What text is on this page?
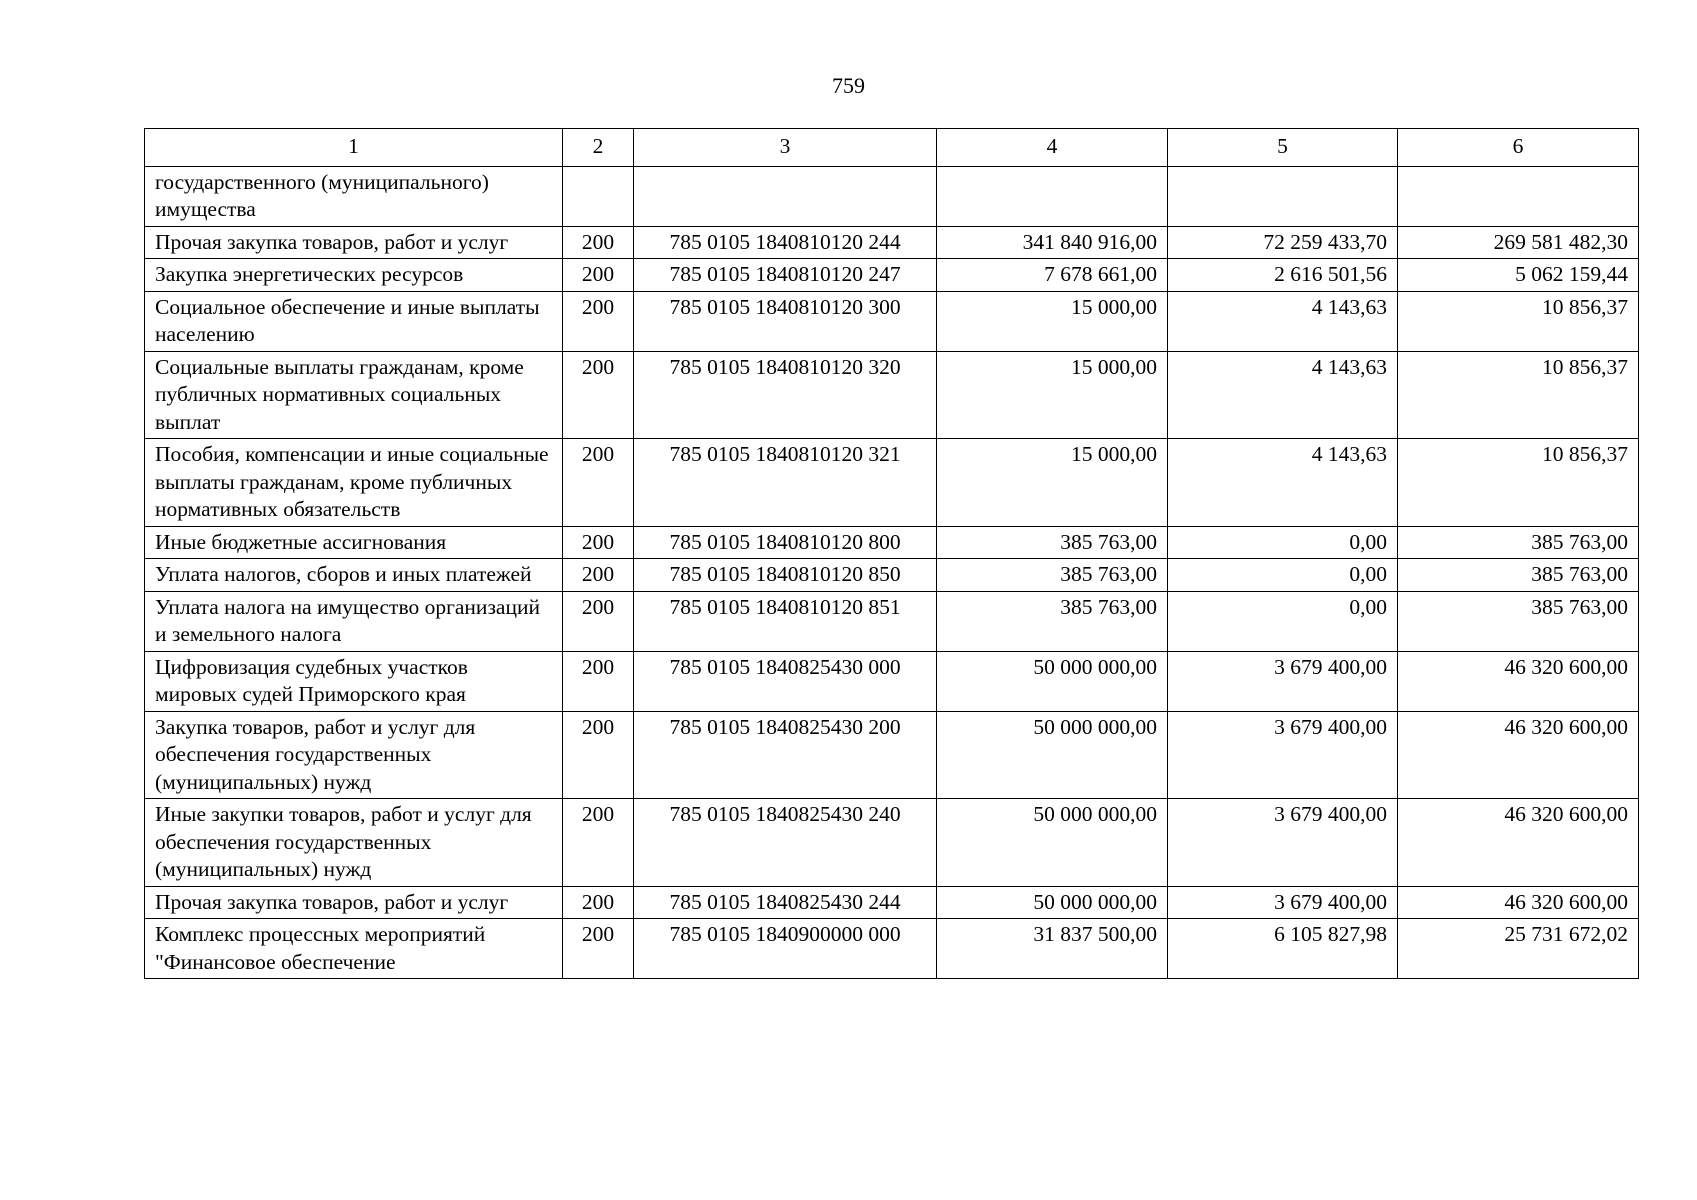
759
1	2	3	4	5	6
государственного (муниципального) имущества					
Прочая закупка товаров, работ и услуг	200	785 0105 1840810120 244	341 840 916,00	72 259 433,70	269 581 482,30
Закупка энергетических ресурсов	200	785 0105 1840810120 247	7 678 661,00	2 616 501,56	5 062 159,44
Социальное обеспечение и иные выплаты населению	200	785 0105 1840810120 300	15 000,00	4 143,63	10 856,37
Социальные выплаты гражданам, кроме публичных нормативных социальных выплат	200	785 0105 1840810120 320	15 000,00	4 143,63	10 856,37
Пособия, компенсации и иные социальные выплаты гражданам, кроме публичных нормативных обязательств	200	785 0105 1840810120 321	15 000,00	4 143,63	10 856,37
Иные бюджетные ассигнования	200	785 0105 1840810120 800	385 763,00	0,00	385 763,00
Уплата налогов, сборов и иных платежей	200	785 0105 1840810120 850	385 763,00	0,00	385 763,00
Уплата налога на имущество организаций и земельного налога	200	785 0105 1840810120 851	385 763,00	0,00	385 763,00
Цифровизация судебных участков мировых судей Приморского края	200	785 0105 1840825430 000	50 000 000,00	3 679 400,00	46 320 600,00
Закупка товаров, работ и услуг для обеспечения государственных (муниципальных) нужд	200	785 0105 1840825430 200	50 000 000,00	3 679 400,00	46 320 600,00
Иные закупки товаров, работ и услуг для обеспечения государственных (муниципальных) нужд	200	785 0105 1840825430 240	50 000 000,00	3 679 400,00	46 320 600,00
Прочая закупка товаров, работ и услуг	200	785 0105 1840825430 244	50 000 000,00	3 679 400,00	46 320 600,00
Комплекс процессных мероприятий "Финансовое обеспечение	200	785 0105 1840900000 000	31 837 500,00	6 105 827,98	25 731 672,02
